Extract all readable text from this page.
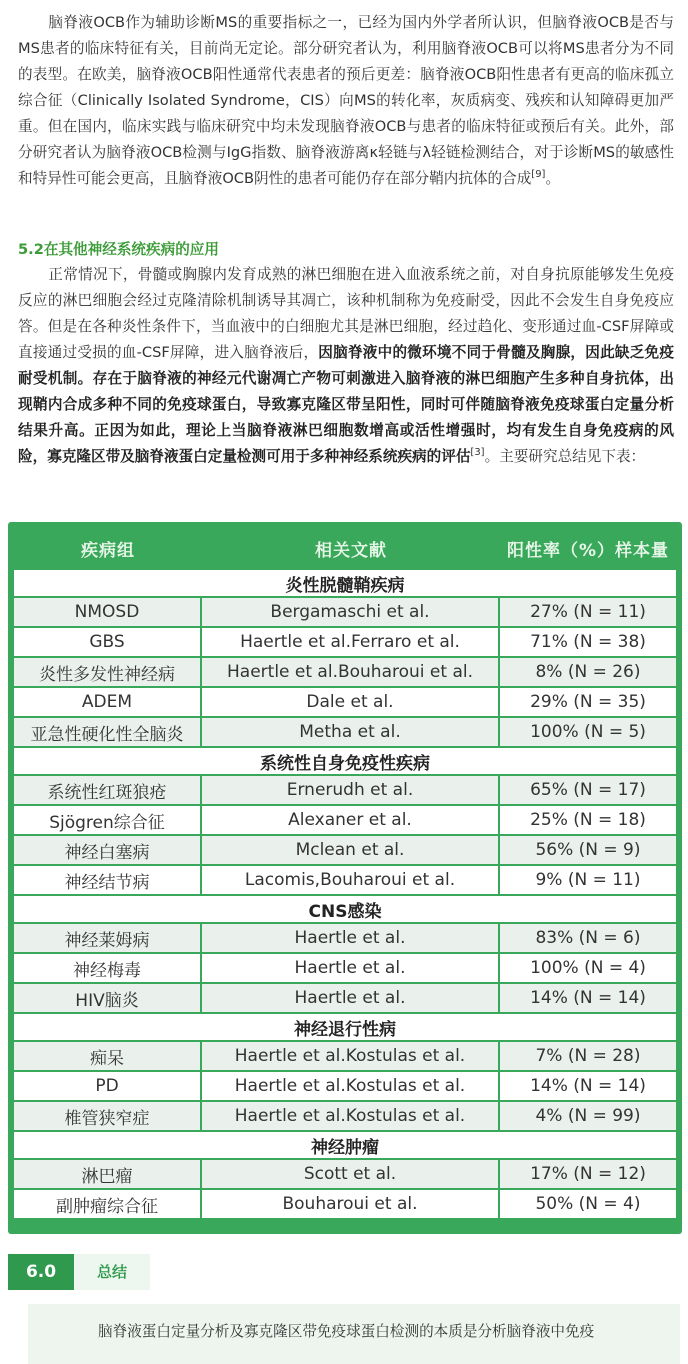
脑脊液OCB作为辅助诊断MS的重要指标之一，已经为国内外学者所认识，但脑脊液OCB是否与MS患者的临床特征有关，目前尚无定论。部分研究者认为，利用脑脊液OCB可以将MS患者分为不同的表型。在欧美，脑脊液OCB阳性通常代表患者的预后更差：脑脊液OCB阳性患者有更高的临床孤立综合征（Clinically Isolated Syndrome，CIS）向MS的转化率，灰质病变、残疾和认知障碍更加严重。但在国内，临床实践与临床研究中均未发现脑脊液OCB与患者的临床特征或预后有关。此外，部分研究者认为脑脊液OCB检测与IgG指数、脑脊液游离κ轻链与λ轻链检测结合，对于诊断MS的敏感性和特异性可能会更高，且脑脊液OCB阴性的患者可能仍存在部分鞘内抗体的合成[9]。
5.2在其他神经系统疾病的应用
正常情况下，骨髓或胸腺内发育成熟的淋巴细胞在进入血液系统之前，对自身抗原能够发生免疫反应的淋巴细胞会经过克隆清除机制诱导其凋亡，该种机制称为免疫耐受，因此不会发生自身免疫应答。但是在各种炎性条件下，当血液中的白细胞尤其是淋巴细胞，经过趋化、变形通过血-CSF屏障或直接通过受损的血-CSF屏障，进入脑脊液后，因脑脊液中的微环境不同于骨髓及胸腺，因此缺乏免疫耐受机制。存在于脑脊液的神经元代谢凋亡产物可刺激进入脑脊液的淋巴细胞产生多种自身抗体，出现鞘内合成多种不同的免疫球蛋白，导致寡克隆区带呈阳性，同时可伴随脑脊液免疫球蛋白定量分析结果升高。正因为如此，理论上当脑脊液淋巴细胞数增高或活性增强时，均有发生自身免疫病的风险，寡克隆区带及脑脊液蛋白定量检测可用于多种神经系统疾病的评估[3]。主要研究总结见下表：
疾病组	相关文献	阳性率（%）样本量
炎性脱髓鞘疾病		
NMOSD	Bergamaschi et al.	27% (N = 11)
GBS	Haertle et al.Ferraro et al.	71% (N = 38)
炎性多发性神经病	Haertle et al.Bouharoui et al.	8% (N = 26)
ADEM	Dale et al.	29% (N = 35)
亚急性硬化性全脑炎	Metha et al.	100% (N = 5)
系统性自身免疫性疾病		
系统性红斑狼疮	Ernerudh et al.	65% (N = 17)
Sjögren综合征	Alexaner et al.	25% (N = 18)
神经白塞病	Mclean et al.	56% (N = 9)
神经结节病	Lacomis,Bouharoui et al.	9% (N = 11)
CNS感染		
神经莱姆病	Haertle et al.	83% (N = 6)
神经梅毒	Haertle et al.	100% (N = 4)
HIV脑炎	Haertle et al.	14% (N = 14)
神经退行性病		
痴呆	Haertle et al.Kostulas et al.	7% (N = 28)
PD	Haertle et al.Kostulas et al.	14% (N = 14)
椎管狭窄症	Haertle et al.Kostulas et al.	4% (N = 99)
神经肿瘤		
淋巴瘤	Scott et al.	17% (N = 12)
副肿瘤综合征	Bouharoui et al.	50% (N = 4)
6.0	总结
脑脊液蛋白定量分析及寡克隆区带免疫球蛋白检测的本质是分析脑脊液中免疫
